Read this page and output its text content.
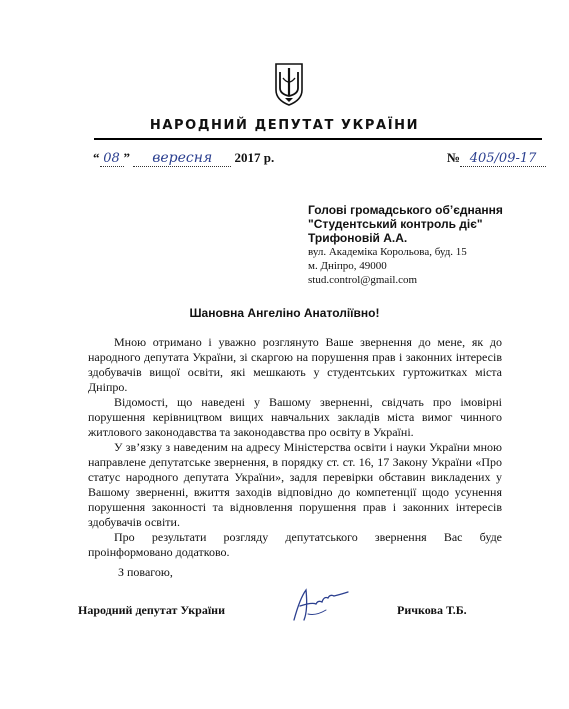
НАРОДНИЙ ДЕПУТАТ УКРАЇНИ
“ 08 ” вересня 2017 р.	№ 405/09-17
Голові громадського об’єднання
"Студентський контроль діє"
Трифоновій А.А.
вул. Академіка Корольова, буд. 15
м. Дніпро, 49000
stud.control@gmail.com
Шановна Ангеліно Анатоліївно!

Мною отримано і уважно розглянуто Ваше звернення до мене, як до народного депутата України, зі скаргою на порушення прав і законних інтересів здобувачів вищої освіти, які мешкають у студентських гуртожитках міста Дніпро.

Відомості, що наведені у Вашому зверненні, свідчать про імовірні порушення керівництвом вищих навчальних закладів міста вимог чинного житлового законодавства та законодавства про освіту в Україні.

У зв’язку з наведеним на адресу Міністерства освіти і науки України мною направлене депутатське звернення, в порядку ст. ст. 16, 17 Закону України «Про статус народного депутата України», задля перевірки обставин викладених у Вашому зверненні, вжиття заходів відповідно до компетенції щодо усунення порушення законності та відновлення порушення прав і законних інтересів здобувачів освіти.

Про результати розгляду депутатського звернення Вас буде проінформовано додатково.

З повагою,
Народний депутат України	Ричкова Т.Б.
